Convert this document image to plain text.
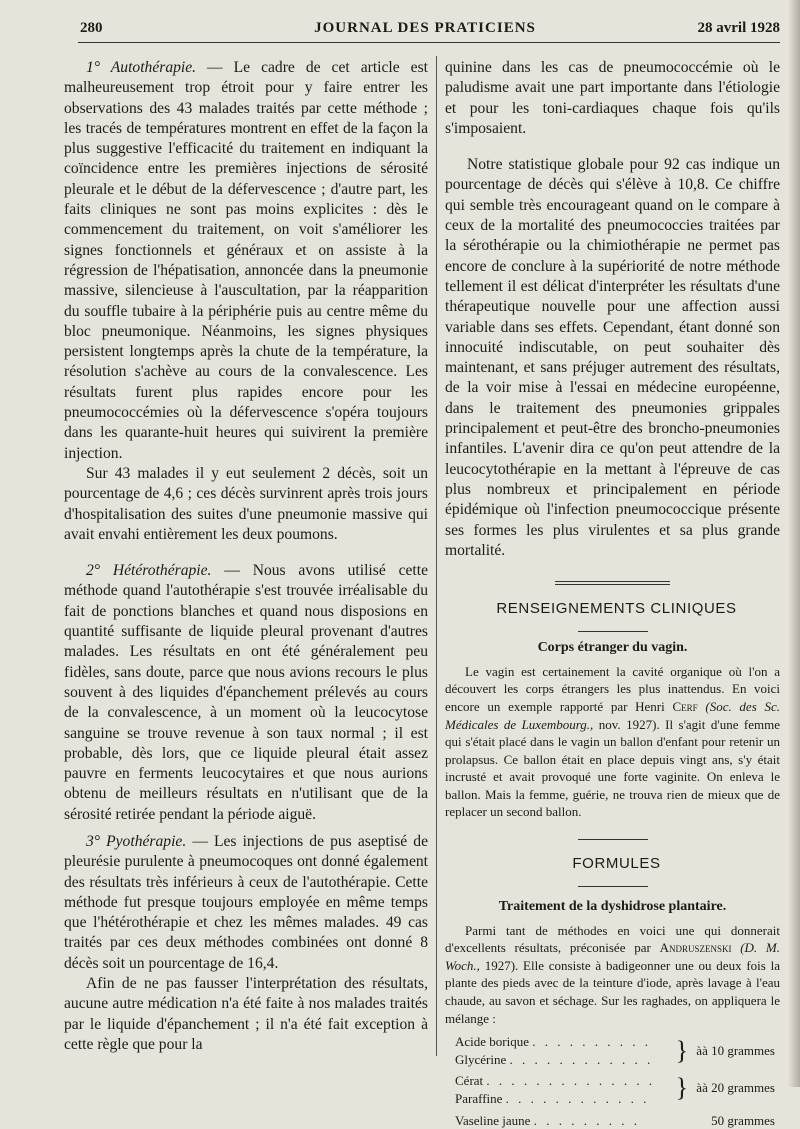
280	JOURNAL DES PRATICIENS	28 avril 1928

1° Autothérapie. — Le cadre de cet article est malheureusement trop étroit pour y faire entrer les observations des 43 malades traités par cette méthode ; les tracés de températures montrent en effet de la façon la plus suggestive l'efficacité du traitement en indiquant la coïncidence entre les premières injections de sérosité pleurale et le début de la défervescence ; d'autre part, les faits cliniques ne sont pas moins explicites : dès le commencement du traitement, on voit s'améliorer les signes fonctionnels et généraux et on assiste à la régression de l'hépatisation, annoncée dans la pneumonie massive, silencieuse à l'auscultation, par la réapparition du souffle tubaire à la périphérie puis au centre même du bloc pneumonique. Néanmoins, les signes physiques persistent longtemps après la chute de la température, la résolution s'achève au cours de la convalescence. Les résultats furent plus rapides encore pour les pneumococcémies où la défervescence s'opéra toujours dans les quarante-huit heures qui suivirent la première injection.

Sur 43 malades il y eut seulement 2 décès, soit un pourcentage de 4,6 ; ces décès survinrent après trois jours d'hospitalisation des suites d'une pneumonie massive qui avait envahi entièrement les deux poumons.

2° Hétérothérapie. — Nous avons utilisé cette méthode quand l'autothérapie s'est trouvée irréalisable du fait de ponctions blanches et quand nous disposions en quantité suffisante de liquide pleural provenant d'autres malades. Les résultats en ont été généralement peu fidèles, sans doute, parce que nous avions recours le plus souvent à des liquides d'épanchement prélevés au cours de la convalescence, à un moment où la leucocytose sanguine se trouve revenue à son taux normal ; il est probable, dès lors, que ce liquide pleural était assez pauvre en ferments leucocytaires et que nous aurions obtenu de meilleurs résultats en n'utilisant que de la sérosité retirée pendant la période aiguë.

3° Pyothérapie. — Les injections de pus aseptisé de pleurésie purulente à pneumocoques ont donné également des résultats très inférieurs à ceux de l'autothérapie. Cette méthode fut presque toujours employée en même temps que l'hétérothérapie et chez les mêmes malades. 49 cas traités par ces deux méthodes combinées ont donné 8 décès soit un pourcentage de 16,4.

Afin de ne pas fausser l'interprétation des résultats, aucune autre médication n'a été faite à nos malades traités par le liquide d'épanchement ; il n'a été fait exception à cette règle que pour la

quinine dans les cas de pneumococcémie où le paludisme avait une part importante dans l'étiologie et pour les toni-cardiaques chaque fois qu'ils s'imposaient.

Notre statistique globale pour 92 cas indique un pourcentage de décès qui s'élève à 10,8. Ce chiffre qui semble très encourageant quand on le compare à ceux de la mortalité des pneumococcies traitées par la sérothérapie ou la chimiothérapie ne permet pas encore de conclure à la supériorité de notre méthode tellement il est délicat d'interpréter les résultats d'une thérapeutique nouvelle pour une affection aussi variable dans ses effets. Cependant, étant donné son innocuité indiscutable, on peut souhaiter dès maintenant, et sans préjuger autrement des résultats, de la voir mise à l'essai en médecine européenne, dans le traitement des pneumonies grippales principalement et peut-être des broncho-pneumonies infantiles. L'avenir dira ce qu'on peut attendre de la leucocytothérapie en la mettant à l'épreuve de cas plus nombreux et principalement en période épidémique où l'infection pneumococcique présente ses formes les plus virulentes et sa plus grande mortalité.

RENSEIGNEMENTS CLINIQUES
Corps étranger du vagin.

Le vagin est certainement la cavité organique où l'on a découvert les corps étrangers les plus inattendus. En voici encore un exemple rapporté par Henri Cerf (Soc. des Sc. Médicales de Luxembourg., nov. 1927). Il s'agit d'une femme qui s'était placé dans le vagin un ballon d'enfant pour retenir un prolapsus. Ce ballon était en place depuis vingt ans, s'y était incrusté et avait provoqué une forte vaginite. On enleva le ballon. Mais la femme, guérie, ne trouva rien de mieux que de replacer un second ballon.

FORMULES
Traitement de la dyshidrose plantaire.

Parmi tant de méthodes en voici une qui donnerait d'excellents résultats, préconisée par Andruszenski (D. M. Woch., 1927). Elle consiste à badigeonner une ou deux fois la plante des pieds avec de la teinture d'iode, après lavage à l'eau chaude, au savon et séchage. Sur les raghades, on appliquera le mélange :

Acide borique . . . . . . . . . .	}	àà 10 grammes
Glycérine . . . . . . . . . . . .		
Cérat . . . . . . . . . . . . . .	}	àà 20 grammes
Paraffine . . . . . . . . . . . .		
Vaseline jaune . . . . . . . . .		50 grammes
